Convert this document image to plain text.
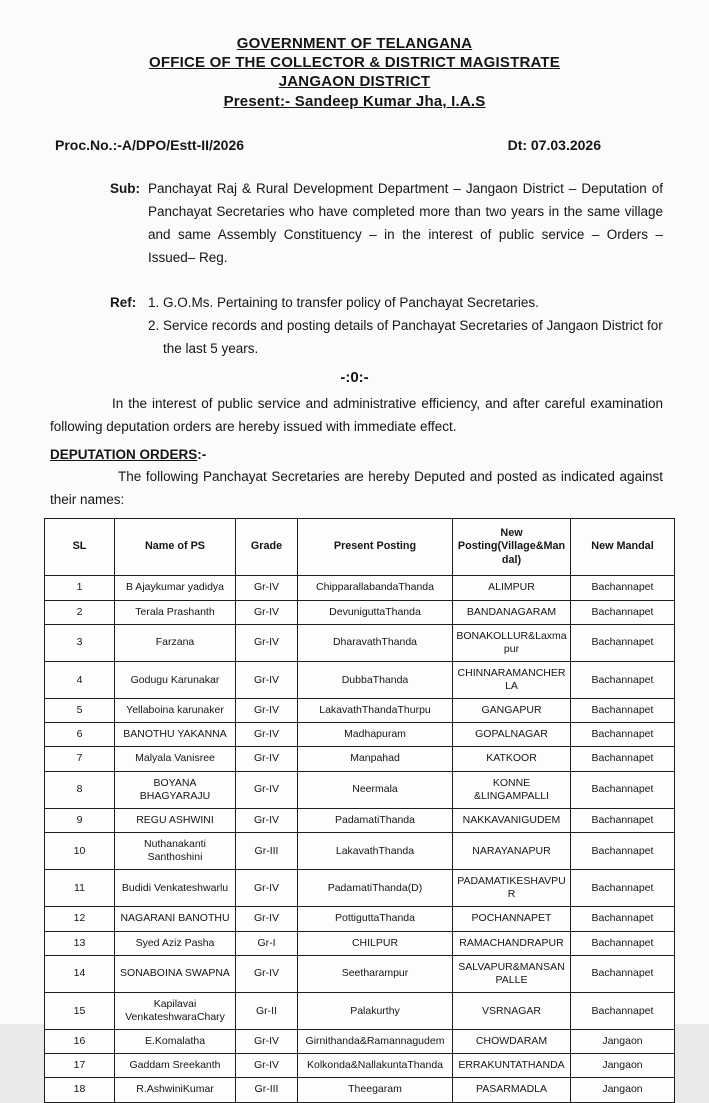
GOVERNMENT OF TELANGANA
OFFICE OF THE COLLECTOR & DISTRICT MAGISTRATE
JANGAON DISTRICT
Present:- Sandeep Kumar Jha, I.A.S
Proc.No.:-A/DPO/Estt-II/2026	Dt: 07.03.2026
Sub: Panchayat Raj & Rural Development Department – Jangaon District – Deputation of Panchayat Secretaries who have completed more than two years in the same village and same Assembly Constituency – in the interest of public service – Orders – Issued– Reg.
Ref: 1. G.O.Ms. Pertaining to transfer policy of Panchayat Secretaries.
2. Service records and posting details of Panchayat Secretaries of Jangaon District for the last 5 years.
-:0:-
In the interest of public service and administrative efficiency, and after careful examination following deputation orders are hereby issued with immediate effect.
DEPUTATION ORDERS:-
The following Panchayat Secretaries are hereby Deputed and posted as indicated against their names:
SL	Name of PS	Grade	Present Posting	New Posting(Village&Mandal)	New Mandal
1	B Ajaykumar yadidya	Gr-IV	ChipparallabandaThanda	ALIMPUR	Bachannapet
2	Terala Prashanth	Gr-IV	DevuniguttaThanda	BANDANAGARAM	Bachannapet
3	Farzana	Gr-IV	DharavathThanda	BONAKOLLUR&Laxmapur	Bachannapet
4	Godugu Karunakar	Gr-IV	DubbaThanda	CHINNARAMANCHERLA	Bachannapet
5	Yellaboina karunaker	Gr-IV	LakavathThandaThurpu	GANGAPUR	Bachannapet
6	BANOTHU YAKANNA	Gr-IV	Madhapuram	GOPALNAGAR	Bachannapet
7	Malyala Vanisree	Gr-IV	Manpahad	KATKOOR	Bachannapet
8	BOYANA BHAGYARAJU	Gr-IV	Neermala	KONNE &LINGAMPALLI	Bachannapet
9	REGU ASHWINI	Gr-IV	PadamatiThanda	NAKKAVANIGUDEM	Bachannapet
10	Nuthanakanti Santhoshini	Gr-III	LakavathThanda	NARAYANAPUR	Bachannapet
11	Budidi Venkateshwarlu	Gr-IV	PadamatiThanda(D)	PADAMATIKESHAVPUR	Bachannapet
12	NAGARANI BANOTHU	Gr-IV	PottiguttaThanda	POCHANNAPET	Bachannapet
13	Syed Aziz Pasha	Gr-I	CHILPUR	RAMACHANDRAPUR	Bachannapet
14	SONABOINA SWAPNA	Gr-IV	Seetharampur	SALVAPUR&MANSANPALLE	Bachannapet
15	Kapilavai VenkateshwaraChary	Gr-II	Palakurthy	VSRNAGAR	Bachannapet
16	E.Komalatha	Gr-IV	Girnithanda&Ramannagudem	CHOWDARAM	Jangaon
17	Gaddam Sreekanth	Gr-IV	Kolkonda&NallakuntaThanda	ERRAKUNTATHANDA	Jangaon
18	R.AshwiniKumar	Gr-III	Theegaram	PASARMADLA	Jangaon
